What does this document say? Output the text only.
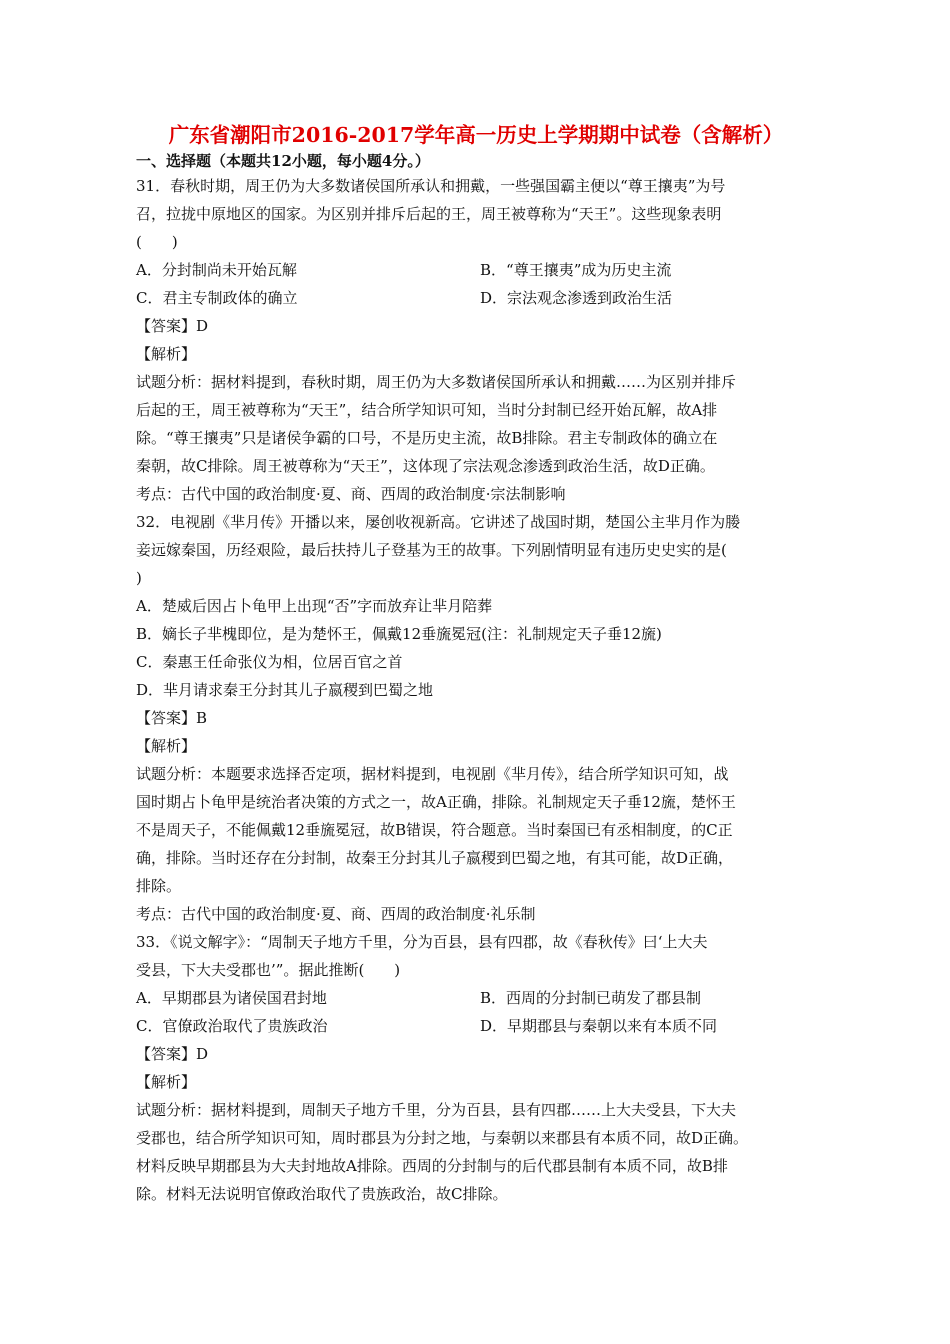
广东省潮阳市2016-2017学年高一历史上学期期中试卷（含解析）
一、选择题（本题共12小题，每小题4分。）

31．春秋时期，周王仍为大多数诸侯国所承认和拥戴，一些强国霸主便以“尊王攘夷”为号

召，拉拢中原地区的国家。为区别并排斥后起的王，周王被尊称为“天王”。这些现象表明

(　　)

A．分封制尚未开始瓦解	B．“尊王攘夷”成为历史主流
C．君主专制政体的确立	D．宗法观念渗透到政治生活

【答案】D

【解析】

试题分析：据材料提到，春秋时期，周王仍为大多数诸侯国所承认和拥戴……为区别并排斥

后起的王，周王被尊称为“天王”，结合所学知识可知，当时分封制已经开始瓦解，故A排

除。“尊王攘夷”只是诸侯争霸的口号，不是历史主流，故B排除。君主专制政体的确立在

秦朝，故C排除。周王被尊称为“天王”，这体现了宗法观念渗透到政治生活，故D正确。

考点：古代中国的政治制度·夏、商、西周的政治制度·宗法制影响

32．电视剧《芈月传》开播以来，屡创收视新高。它讲述了战国时期，楚国公主芈月作为媵

妾远嫁秦国，历经艰险，最后扶持儿子登基为王的故事。下列剧情明显有违历史史实的是(

)

A．楚威后因占卜龟甲上出现“否”字而放弃让芈月陪葬

B．嫡长子芈槐即位，是为楚怀王，佩戴12垂旒冕冠(注：礼制规定天子垂12旒)

C．秦惠王任命张仪为相，位居百官之首

D．芈月请求秦王分封其儿子嬴稷到巴蜀之地

【答案】B

【解析】

试题分析：本题要求选择否定项，据材料提到，电视剧《芈月传》，结合所学知识可知，战

国时期占卜龟甲是统治者决策的方式之一，故A正确，排除。礼制规定天子垂12旒，楚怀王

不是周天子，不能佩戴12垂旒冕冠，故B错误，符合题意。当时秦国已有丞相制度，的C正

确，排除。当时还存在分封制，故秦王分封其儿子嬴稷到巴蜀之地，有其可能，故D正确，

排除。

考点：古代中国的政治制度·夏、商、西周的政治制度·礼乐制

33．《说文解字》：“周制天子地方千里，分为百县，县有四郡，故《春秋传》曰‘上大夫

受县，下大夫受郡也’”。据此推断(　　)

A．早期郡县为诸侯国君封地	B．西周的分封制已萌发了郡县制
C．官僚政治取代了贵族政治	D．早期郡县与秦朝以来有本质不同

【答案】D

【解析】

试题分析：据材料提到，周制天子地方千里，分为百县，县有四郡……上大夫受县，下大夫

受郡也，结合所学知识可知，周时郡县为分封之地，与秦朝以来郡县有本质不同，故D正确。

材料反映早期郡县为大夫封地故A排除。西周的分封制与的后代郡县制有本质不同，故B排

除。材料无法说明官僚政治取代了贵族政治，故C排除。
